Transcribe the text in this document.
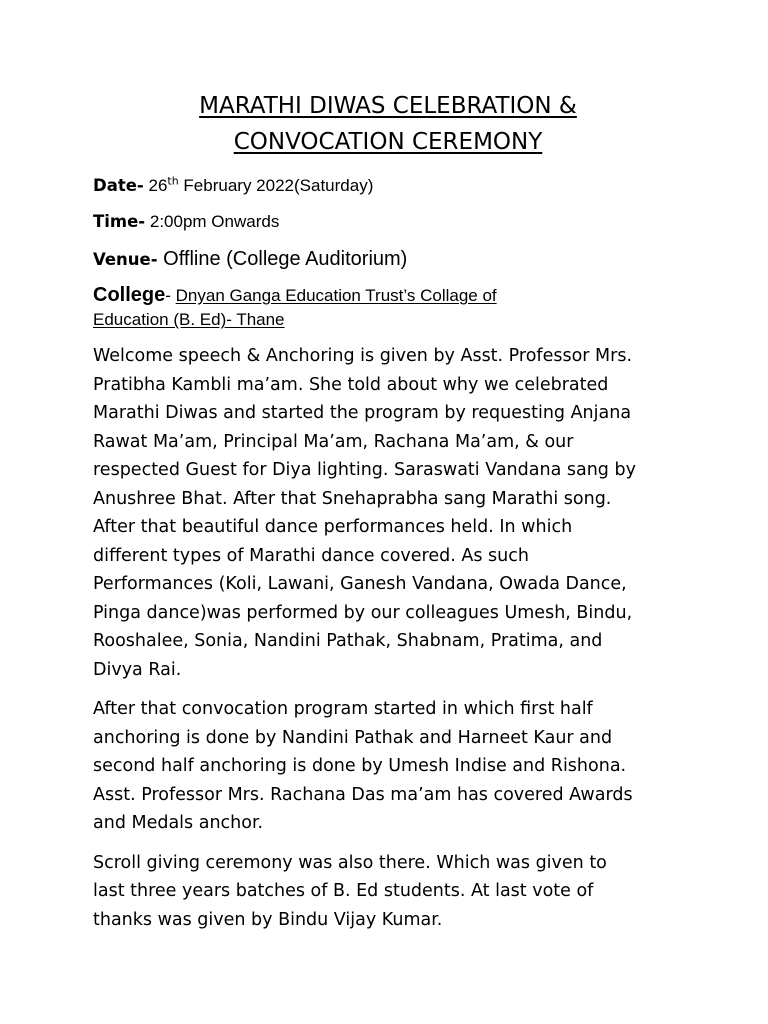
MARATHI DIWAS CELEBRATION &
CONVOCATION CEREMONY

Date- 26th February 2022(Saturday)

Time- 2:00pm Onwards

Venue- Offline (College Auditorium)

College- Dnyan Ganga Education Trust’s Collage of
Education (B. Ed)- Thane

Welcome speech & Anchoring is given by Asst. Professor Mrs.
Pratibha Kambli ma’am. She told about why we celebrated
Marathi Diwas and started the program by requesting Anjana
Rawat Ma’am, Principal Ma’am, Rachana Ma’am, & our
respected Guest for Diya lighting. Saraswati Vandana sang by
Anushree Bhat. After that Snehaprabha sang Marathi song.
After that beautiful dance performances held. In which
different types of Marathi dance covered. As such
Performances (Koli, Lawani, Ganesh Vandana, Owada Dance,
Pinga dance)was performed by our colleagues Umesh, Bindu,
Rooshalee, Sonia, Nandini Pathak, Shabnam, Pratima, and
Divya Rai.

After that convocation program started in which first half
anchoring is done by Nandini Pathak and Harneet Kaur and
second half anchoring is done by Umesh Indise and Rishona.
Asst. Professor Mrs. Rachana Das ma’am has covered Awards
and Medals anchor.

Scroll giving ceremony was also there. Which was given to
last three years batches of B. Ed students. At last vote of
thanks was given by Bindu Vijay Kumar.
